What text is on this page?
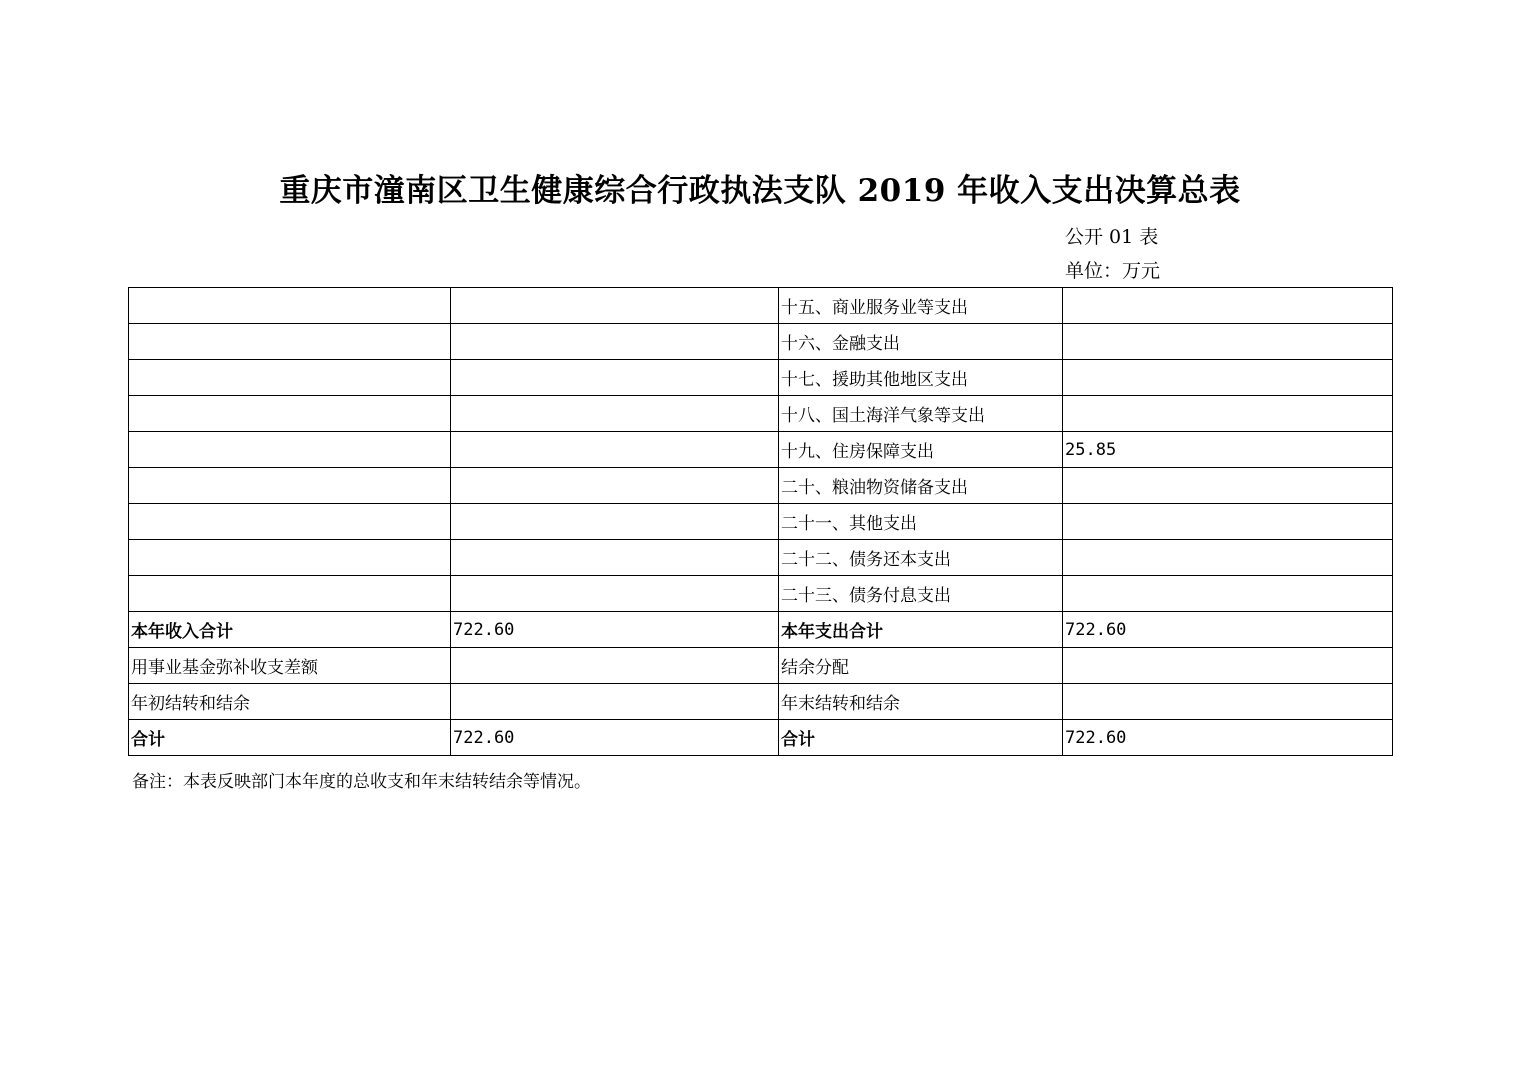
重庆市潼南区卫生健康综合行政执法支队 2019 年收入支出决算总表
公开 01 表
单位：万元
		十五、商业服务业等支出	
		十六、金融支出	
		十七、援助其他地区支出	
		十八、国土海洋气象等支出	
		十九、住房保障支出	25.85
		二十、粮油物资储备支出	
		二十一、其他支出	
		二十二、债务还本支出	
		二十三、债务付息支出	
本年收入合计	722.60	本年支出合计	722.60
用事业基金弥补收支差额		结余分配	
年初结转和结余		年末结转和结余	
合计	722.60	合计	722.60
备注：本表反映部门本年度的总收支和年末结转结余等情况。
